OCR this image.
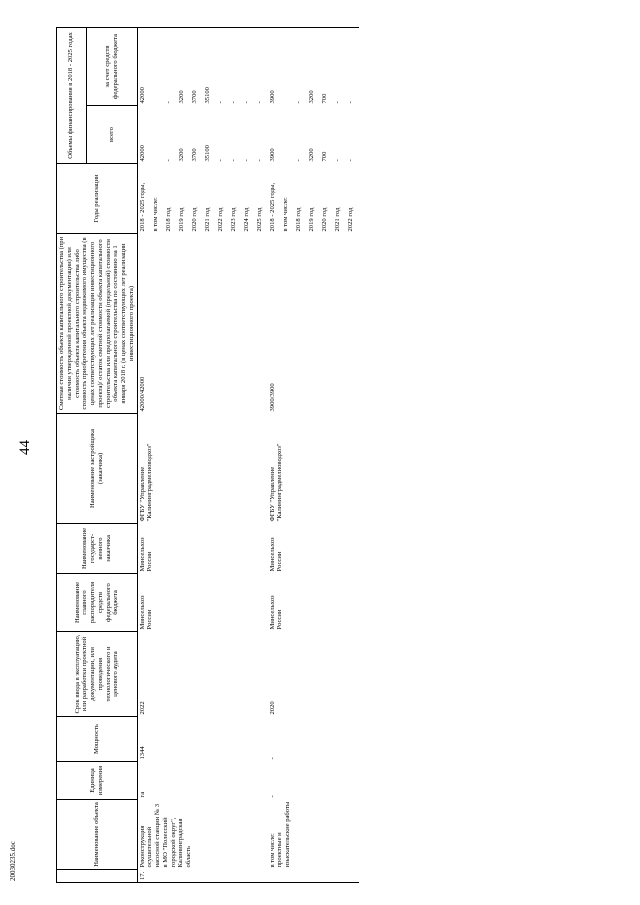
44
20030235.doc
		Наименование объекта	Единица измерения	Мощность	Срок ввода в эксплуатацию, или разработки проектной документации, или проведения технологического и ценового аудита	Наименование главного распорядителя средств федерального бюджета	Наименование государст-венного заказчика	Наименование застройщика (заказчика)	Сметная стоимость объекта капитального строительства (при наличии утвержденной проектной документации) или стоимость объекта капитального строительства либо стоимость приобретения объекта недвижимого имущества (в ценах соответствующих лет реализации инвестиционного проекта)/ остаток сметной стоимости объекта капитального строительства или предполагаемой (предельной) стоимости объекта капитального строительства по состоянию на 1 января 2018 г. (в ценах соответствующих лет реализации инвестиционного проекта)	Годы реализации	Объемы финансирования в 2018 - 2025 годах	
										всего	за счет средств федерального бюджета
17.	Реконструкция осушительной насосной станции № 3 в МО "Полесский городской округ", Калининградская область	га	1344	2022	Минсельхоз России	Минсельхоз России	ФГБУ "Управление "Калининградмелиоводхоз"	42000/42000	2018 - 2025 годы,	42000	42000
									в том числе:		
									2018 год	-	-
									2019 год	3200	3200
									2020 год	3700	3700
									2021 год	35100	35100
									2022 год	-	-
									2023 год	-	-
									2024 год	-	-
									2025 год	-	-
	в том числе: проектные и изыскательские работы	-	-	2020	Минсельхоз России	Минсельхоз России	ФГБУ "Управление "Калининградмелиоводхоз"	3900/3900	2018 - 2025 годы,	3900	3900
									в том числе:		
									2018 год	-	-
									2019 год	3200	3200
									2020 год	700	700
									2021 год	-	-
									2022 год	-	-
